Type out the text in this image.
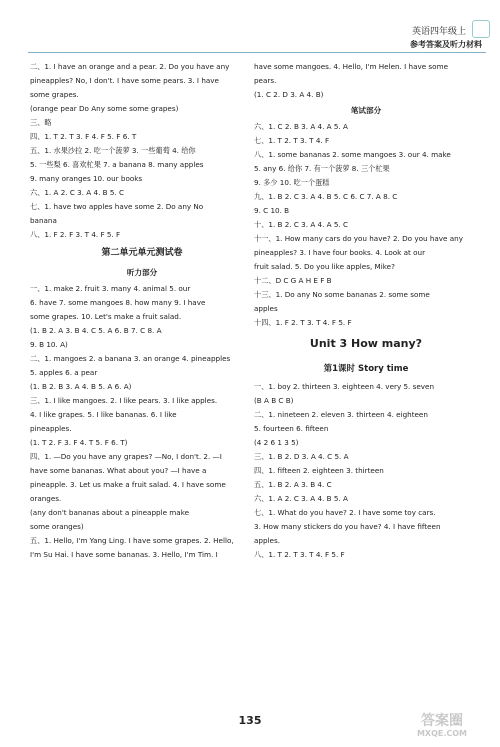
英语四年级上
参考答案及听力材料
二、1. I have an orange and a pear. 2. Do you have any
pineapples? No, I don't. I have some pears. 3. I have
some grapes.
(orange pear Do Any some some grapes)
三、略
四、1. T 2. T 3. F 4. F 5. F 6. T
五、1. 水果沙拉 2. 吃一个菠萝 3. 一些葡萄 4. 给你
5. 一些梨 6. 喜欢杧果 7. a banana 8. many apples
9. many oranges 10. our books
六、1. A 2. C 3. A 4. B 5. C
七、1. have two apples have some 2. Do any No
banana
八、1. F 2. F 3. T 4. F 5. F
第二单元单元测试卷
听力部分
一、1. make 2. fruit 3. many 4. animal 5. our
6. have 7. some mangoes 8. how many 9. I have
some grapes. 10. Let's make a fruit salad.
(1. B 2. A 3. B 4. C 5. A 6. B 7. C 8. A
9. B 10. A)
二、1. mangoes 2. a banana 3. an orange 4. pineapples
5. apples 6. a pear
(1. B 2. B 3. A 4. B 5. A 6. A)
三、1. I like mangoes. 2. I like pears. 3. I like apples.
4. I like grapes. 5. I like bananas. 6. I like
pineapples.
(1. T 2. F 3. F 4. T 5. F 6. T)
四、1. —Do you have any grapes? —No, I don't. 2. —I
have some bananas. What about you? —I have a
pineapple. 3. Let us make a fruit salad. 4. I have some
oranges.
(any don't bananas about a pineapple make
some oranges)
五、1. Hello, I'm Yang Ling. I have some grapes. 2. Hello,
I'm Su Hai. I have some bananas. 3. Hello, I'm Tim. I
have some mangoes. 4. Hello, I'm Helen. I have some
pears.
(1. C 2. D 3. A 4. B)
笔试部分
六、1. C 2. B 3. A 4. A 5. A
七、1. T 2. T 3. T 4. F
八、1. some bananas 2. some mangoes 3. our 4. make
5. any 6. 给你 7. 有一个菠萝 8. 三个杧果
9. 多少 10. 吃一个蛋糕
九、1. B 2. C 3. A 4. B 5. C 6. C 7. A 8. C
9. C 10. B
十、1. B 2. C 3. A 4. A 5. C
十一、1. How many cars do you have? 2. Do you have any
pineapples? 3. I have four books. 4. Look at our
fruit salad. 5. Do you like apples, Mike?
十二、D C G A H E F B
十三、1. Do any No some bananas 2. some some
apples
十四、1. F 2. T 3. T 4. F 5. F
Unit 3 How many?
第1课时 Story time
一、1. boy 2. thirteen 3. eighteen 4. very 5. seven
(B A B C B)
二、1. nineteen 2. eleven 3. thirteen 4. eighteen
5. fourteen 6. fifteen
(4 2 6 1 3 5)
三、1. B 2. D 3. A 4. C 5. A
四、1. fifteen 2. eighteen 3. thirteen
五、1. B 2. A 3. B 4. C
六、1. A 2. C 3. A 4. B 5. A
七、1. What do you have? 2. I have some toy cars.
3. How many stickers do you have? 4. I have fifteen
apples.
八、1. T 2. T 3. T 4. F 5. F
135	答案圈
MXQE.COM
